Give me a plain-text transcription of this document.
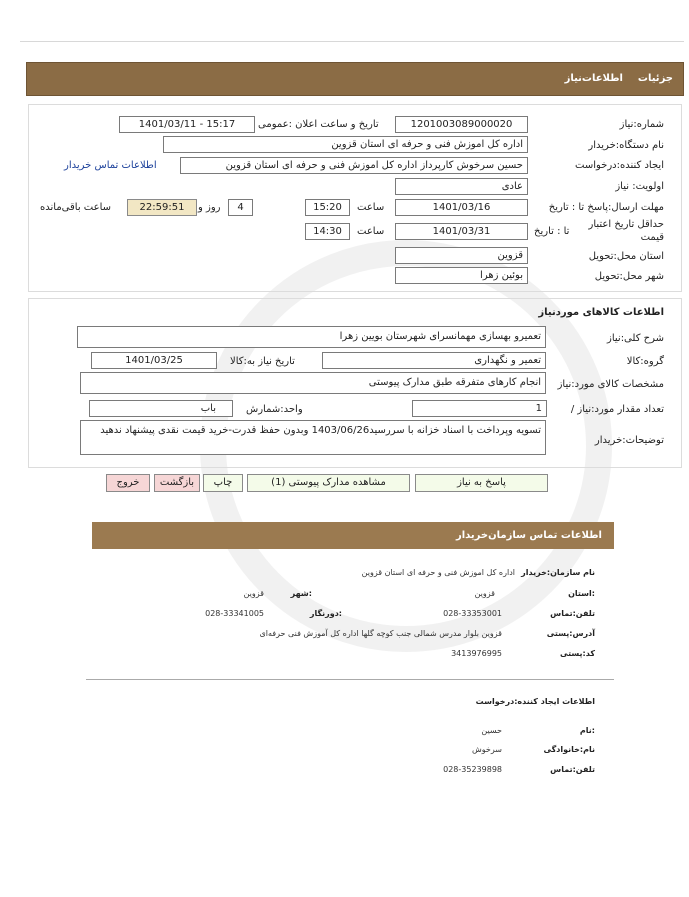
جزئیات
اطلاعات‌نیاز
شماره:نیاز
1201003089000020
تاریخ و ساعت اعلان :عمومی
1401/03/11 - 15:17
نام دستگاه:خریدار
اداره کل اموزش فنی و حرفه ای استان قزوین
ایجاد کننده:درخواست
حسین سرخوش کارپرداز اداره کل اموزش فنی و حرفه ای استان قزوین
اطلاعات تماس خریدار
اولویت: نیاز
عادی
مهلت ارسال:پاسخ تا : تاریخ
1401/03/16
ساعت
15:20
4
روز و
22:59:51
ساعت باقی‌مانده
حداقل تاریخ اعتبار
قیمت
تا : تاریخ
1401/03/31
ساعت
14:30
استان محل:تحویل
قزوین
شهر محل:تحویل
بوئین زهرا
اطلاعات کالاهای موردنیاز
شرح کلی:نیاز
تعمیرو بهسازی مهمانسرای شهرستان بویین زهرا
گروه:کالا
تعمیر و نگهداری
تاریخ نیاز به:کالا
1401/03/25
مشخصات کالای مورد:نیاز
انجام کارهای متفرقه طبق مدارک پیوستی
/ تعداد مقدار مورد:نیاز
1
واحد:شمارش
باب
توضیحات:خریدار
تسویه وپرداخت با اسناد خزانه با سررسید1403/06/26 وبدون حفظ قدرت-خرید قیمت نقدی پیشنهاد ندهید
پاسخ به نیاز
مشاهده مدارک پیوستی (1)
چاپ
بازگشت
خروج
اطلاعات تماس سازمان‌خریدار
نام سازمان:خریدار
اداره کل اموزش فنی و حرفه ای استان قزوین
استان:
قزوین
شهر:
قزوین
تلفن:تماس
028-33353001
دورنگار:
028-33341005
آدرس:پستی
قزوین بلوار مدرس شمالی جنب کوچه گلها اداره کل آموزش فنی حرفه‌ای
کد:پستی
3413976995
اطلاعات ایجاد کننده:درخواست
نام:
حسین
نام:خانوادگی
سرخوش
تلفن:تماس
028-35239898
